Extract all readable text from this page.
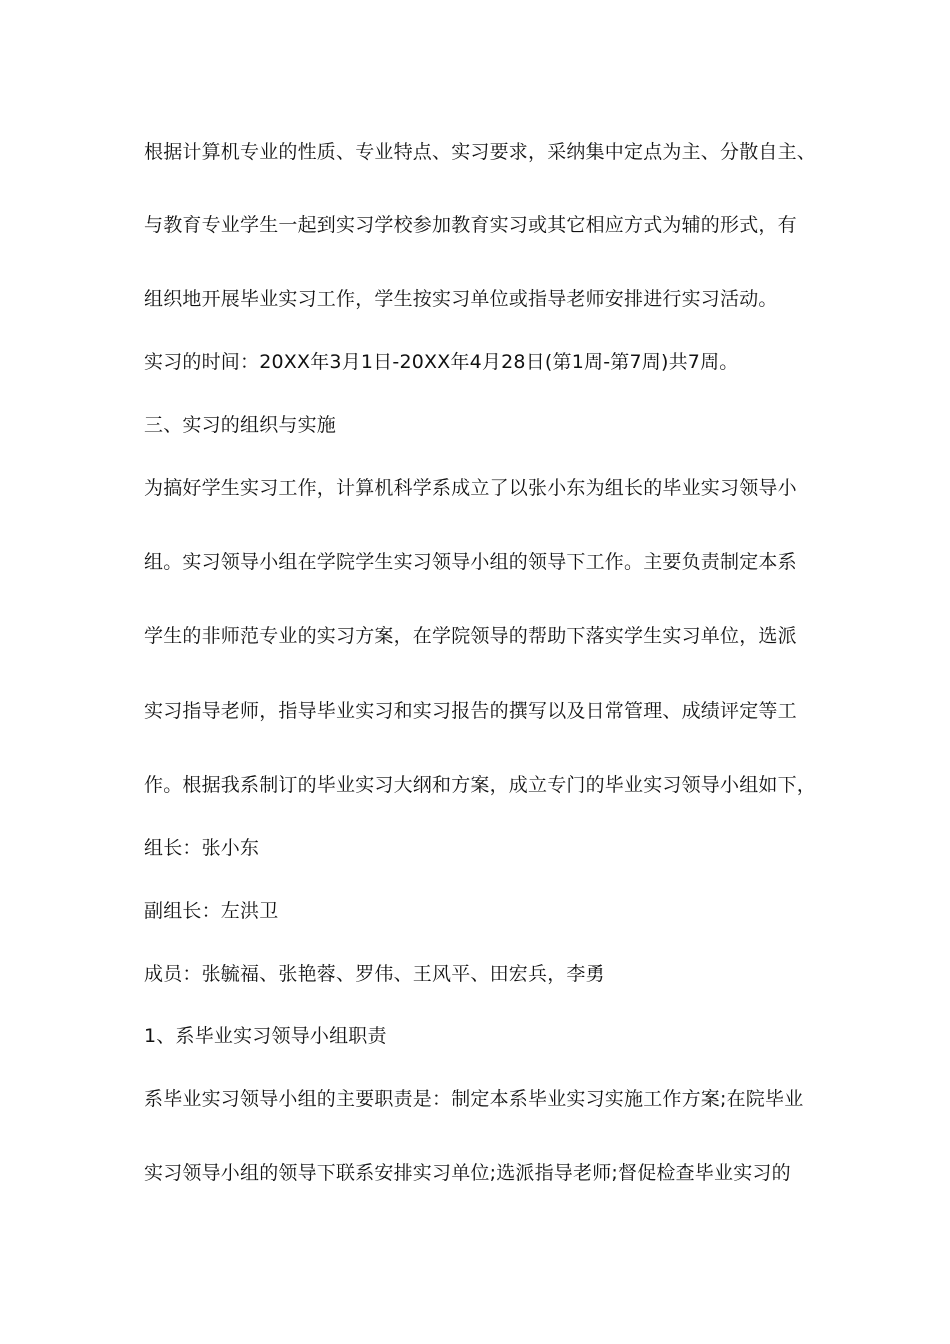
根据计算机专业的性质、专业特点、实习要求，采纳集中定点为主、分散自主、
与教育专业学生一起到实习学校参加教育实习或其它相应方式为辅的形式，有
组织地开展毕业实习工作，学生按实习单位或指导老师安排进行实习活动。
实习的时间：20XX年3月1日-20XX年4月28日(第1周-第7周)共7周。
三、实习的组织与实施
为搞好学生实习工作，计算机科学系成立了以张小东为组长的毕业实习领导小
组。实习领导小组在学院学生实习领导小组的领导下工作。主要负责制定本系
学生的非师范专业的实习方案，在学院领导的帮助下落实学生实习单位，选派
实习指导老师，指导毕业实习和实习报告的撰写以及日常管理、成绩评定等工
作。根据我系制订的毕业实习大纲和方案，成立专门的毕业实习领导小组如下，
组长：张小东
副组长：左洪卫
成员：张毓福、张艳蓉、罗伟、王风平、田宏兵，李勇
1、系毕业实习领导小组职责
系毕业实习领导小组的主要职责是：制定本系毕业实习实施工作方案;在院毕业
实习领导小组的领导下联系安排实习单位;选派指导老师;督促检查毕业实习的
